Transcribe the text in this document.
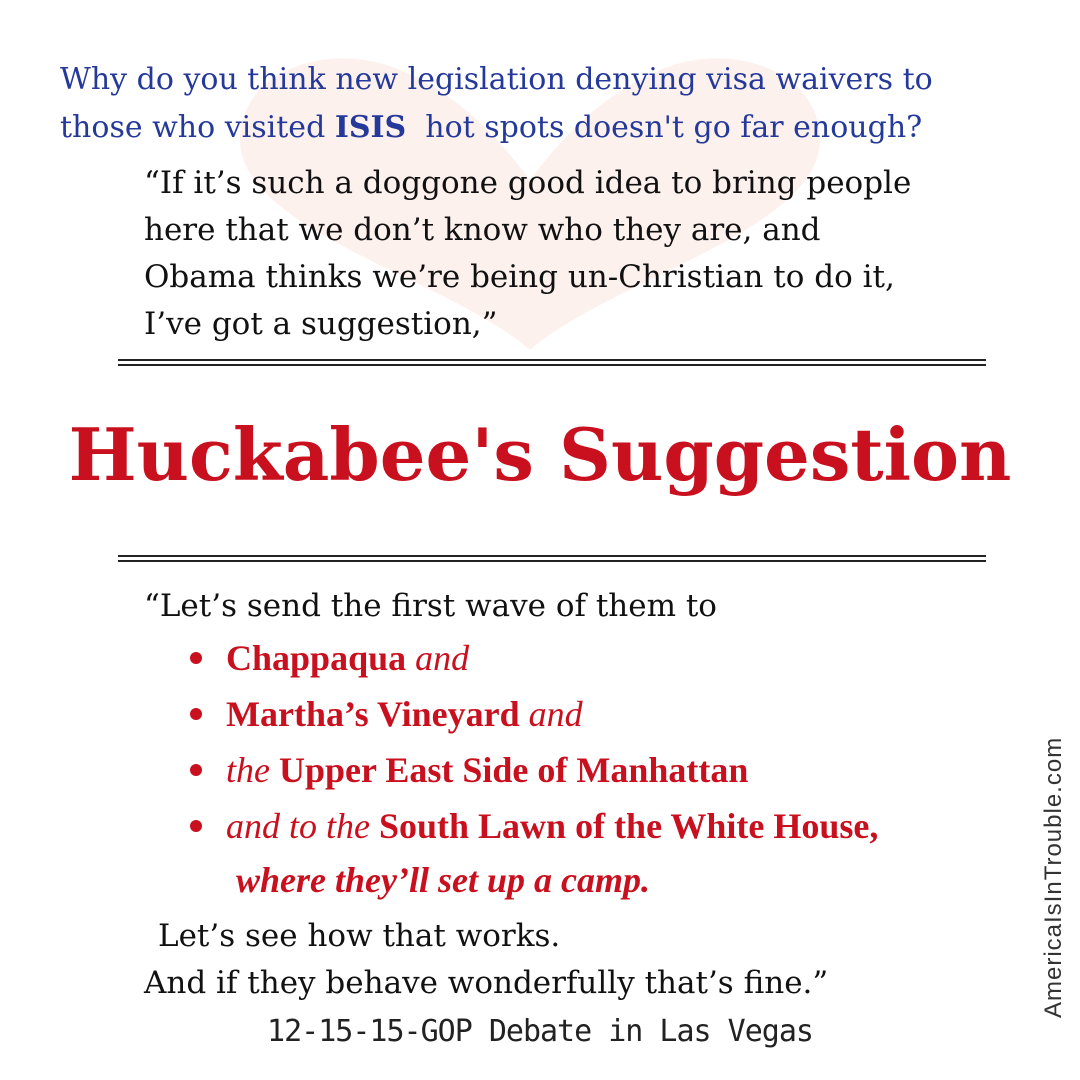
Why do you think new legislation denying visa waivers to
those who visited ISIS  hot spots doesn't go far enough?
“If it’s such a doggone good idea to bring people
here that we don’t know who they are, and
Obama thinks we’re being un-Christian to do it,
I’ve got a suggestion,”
Huckabee's Suggestion
“Let’s send the first wave of them to
Chappaqua and
Martha’s Vineyard and
the Upper East Side of Manhattan
and to the South Lawn of the White House,
where they’ll set up a camp.
Let’s see how that works.
And if they behave wonderfully that’s fine.”
12-15-15-GOP Debate in Las Vegas
AmericaIsInTrouble.com
